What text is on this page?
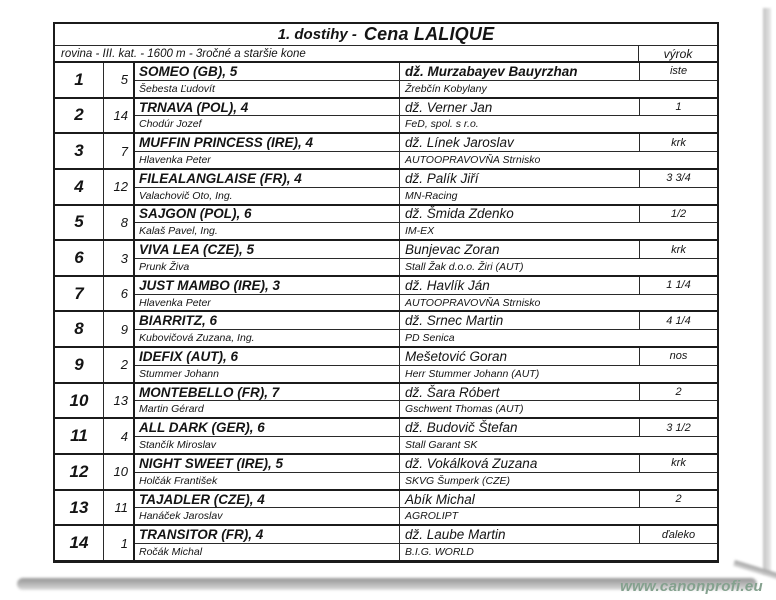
1. dostihy - Cena LALIQUE
rovina - III. kat. - 1600 m - 3ročné a staršie kone	výrok
1	5
SOMEO (GB), 5	dž. Murzabayev Bauyrzhan	iste
Šebesta Ľudovít	Žrebčín Kobylany
2	14
TRNAVA (POL), 4	dž. Verner Jan	1
Chodúr Jozef	FeD, spol. s r.o.
3	7
MUFFIN PRINCESS (IRE), 4	dž. Línek Jaroslav	krk
Hlavenka Peter	AUTOOPRAVOVŇA Strnisko
4	12
FILEALANGLAISE (FR), 4	dž. Palík Jiří	3 3/4
Valachovič Oto, Ing.	MN-Racing
5	8
SAJGON (POL), 6	dž. Šmida Zdenko	1/2
Kalaš Pavel, Ing.	IM-EX
6	3
VIVA LEA (CZE), 5	Bunjevac Zoran	krk
Prunk Živa	Stall Žak d.o.o. Žiri (AUT)
7	6
JUST MAMBO (IRE), 3	dž. Havlík Ján	1 1/4
Hlavenka Peter	AUTOOPRAVOVŇA Strnisko
8	9
BIARRITZ, 6	dž. Srnec Martin	4 1/4
Kubovičová Zuzana, Ing.	PD Senica
9	2
IDEFIX (AUT), 6	Mešetović Goran	nos
Stummer Johann	Herr Stummer Johann (AUT)
10	13
MONTEBELLO (FR), 7	dž. Šara Róbert	2
Martin Gérard	Gschwent Thomas (AUT)
11	4
ALL DARK (GER), 6	dž. Budovič Štefan	3 1/2
Stančík Miroslav	Stall Garant SK
12	10
NIGHT SWEET (IRE), 5	dž. Vokálková Zuzana	krk
Holčák František	SKVG Šumperk (CZE)
13	11
TAJADLER (CZE), 4	Abík Michal	2
Hanáček Jaroslav	AGROLIPT
14	1
TRANSITOR (FR), 4	dž. Laube Martin	ďaleko
Ročák Michal	B.I.G. WORLD
www.canonprofi.eu
